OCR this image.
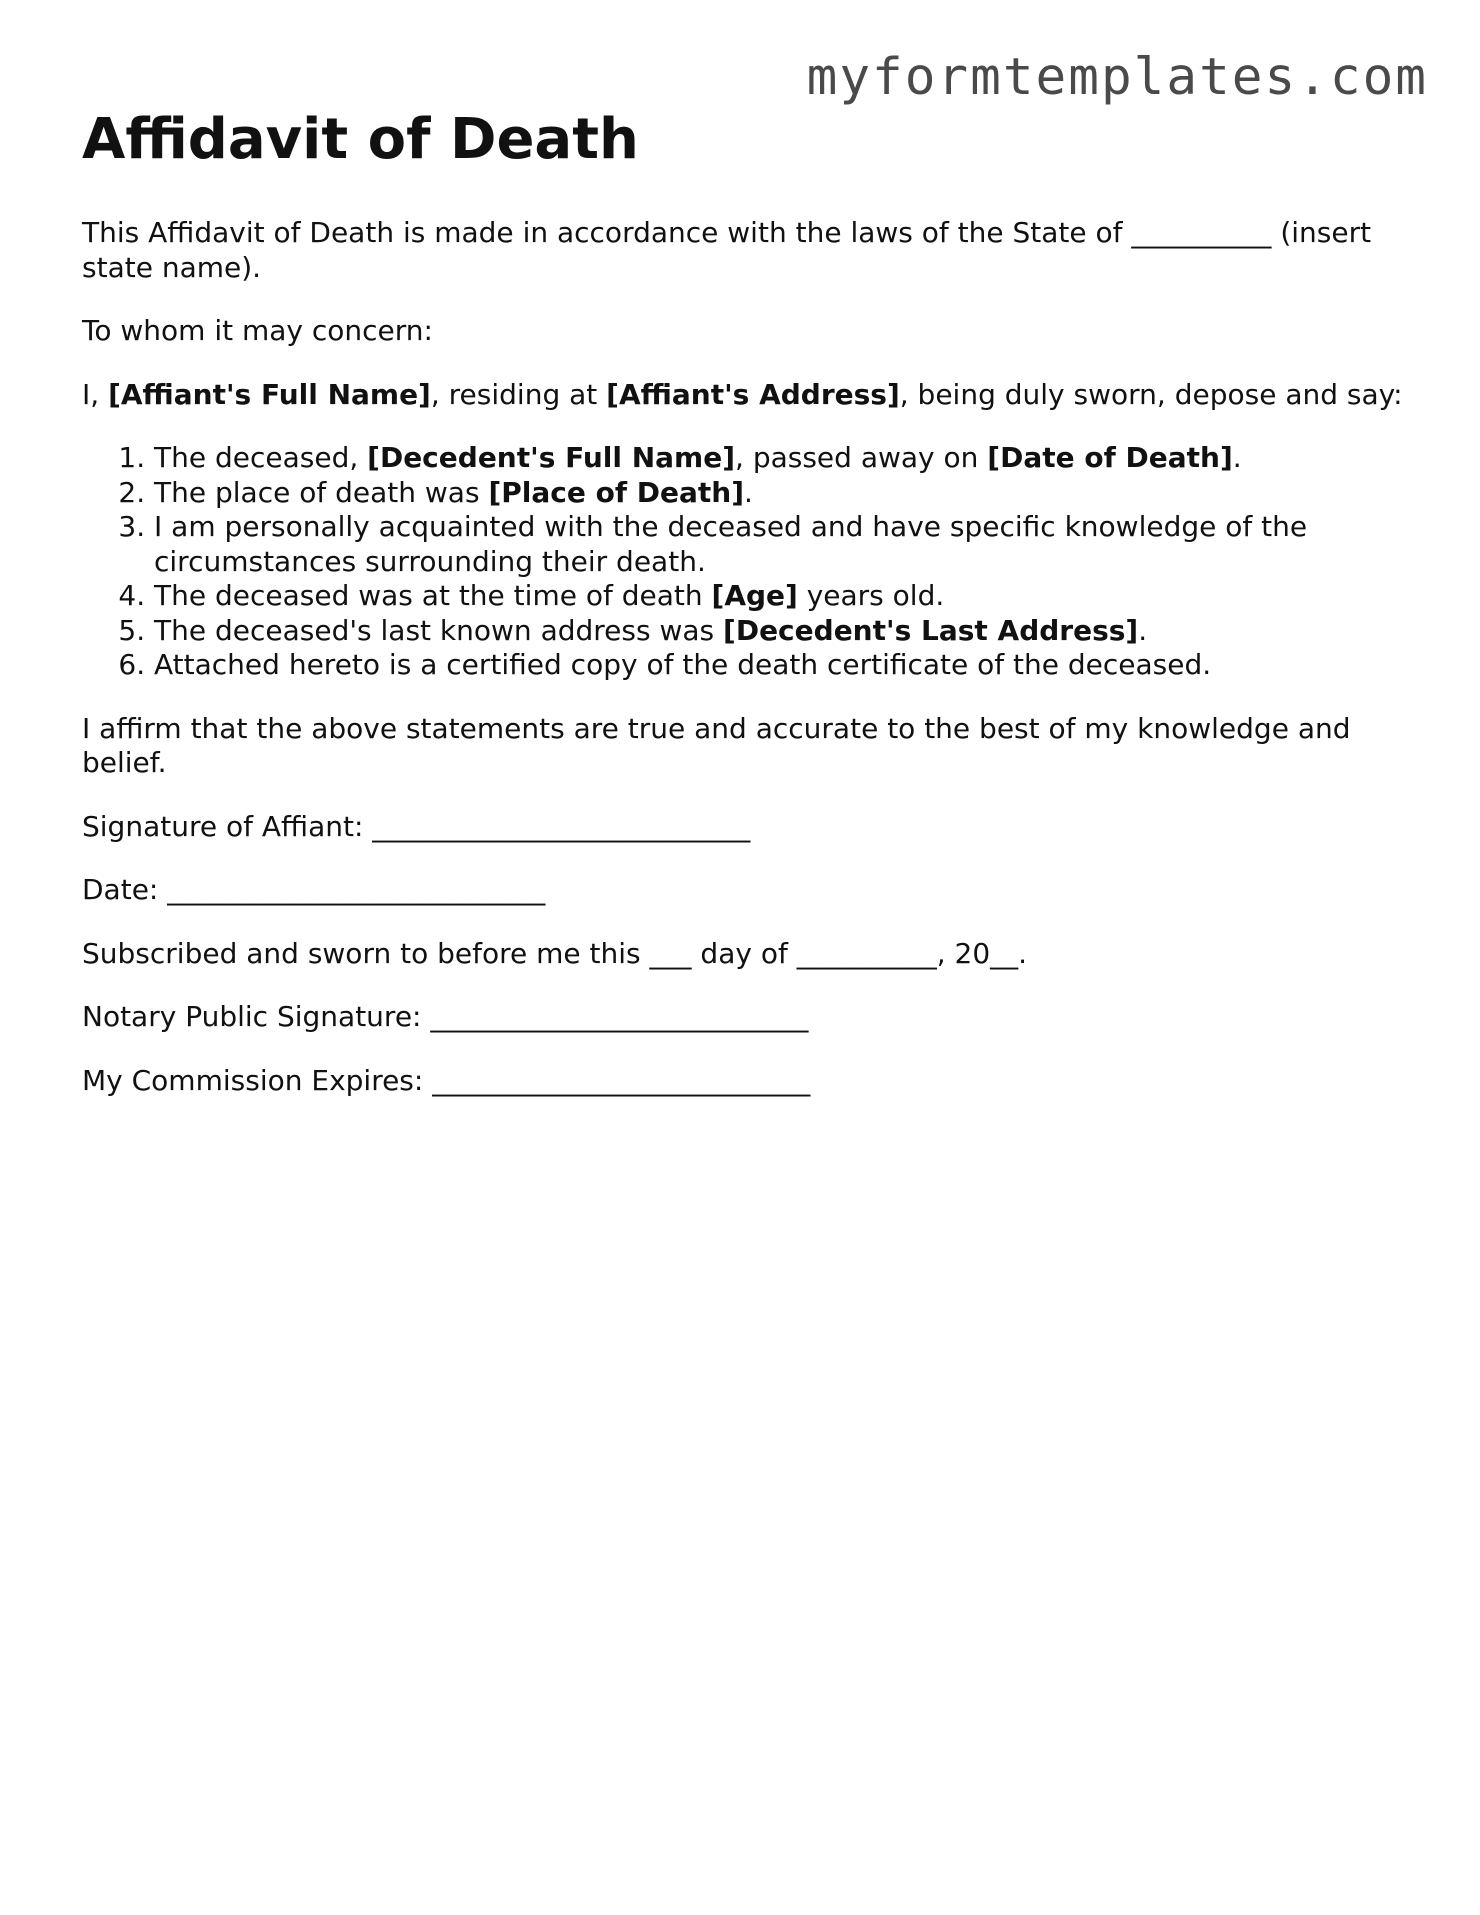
myformtemplates.com
Affidavit of Death

This Affidavit of Death is made in accordance with the laws of the State of __________ (insert state name).

To whom it may concern:

I, [Affiant's Full Name], residing at [Affiant's Address], being duly sworn, depose and say:

1. The deceased, [Decedent's Full Name], passed away on [Date of Death].
2. The place of death was [Place of Death].
3. I am personally acquainted with the deceased and have specific knowledge of the circumstances surrounding their death.
4. The deceased was at the time of death [Age] years old.
5. The deceased's last known address was [Decedent's Last Address].
6. Attached hereto is a certified copy of the death certificate of the deceased.

I affirm that the above statements are true and accurate to the best of my knowledge and belief.

Signature of Affiant: ___________________________

Date: ___________________________

Subscribed and sworn to before me this ___ day of __________, 20__.

Notary Public Signature: ___________________________

My Commission Expires: ___________________________
